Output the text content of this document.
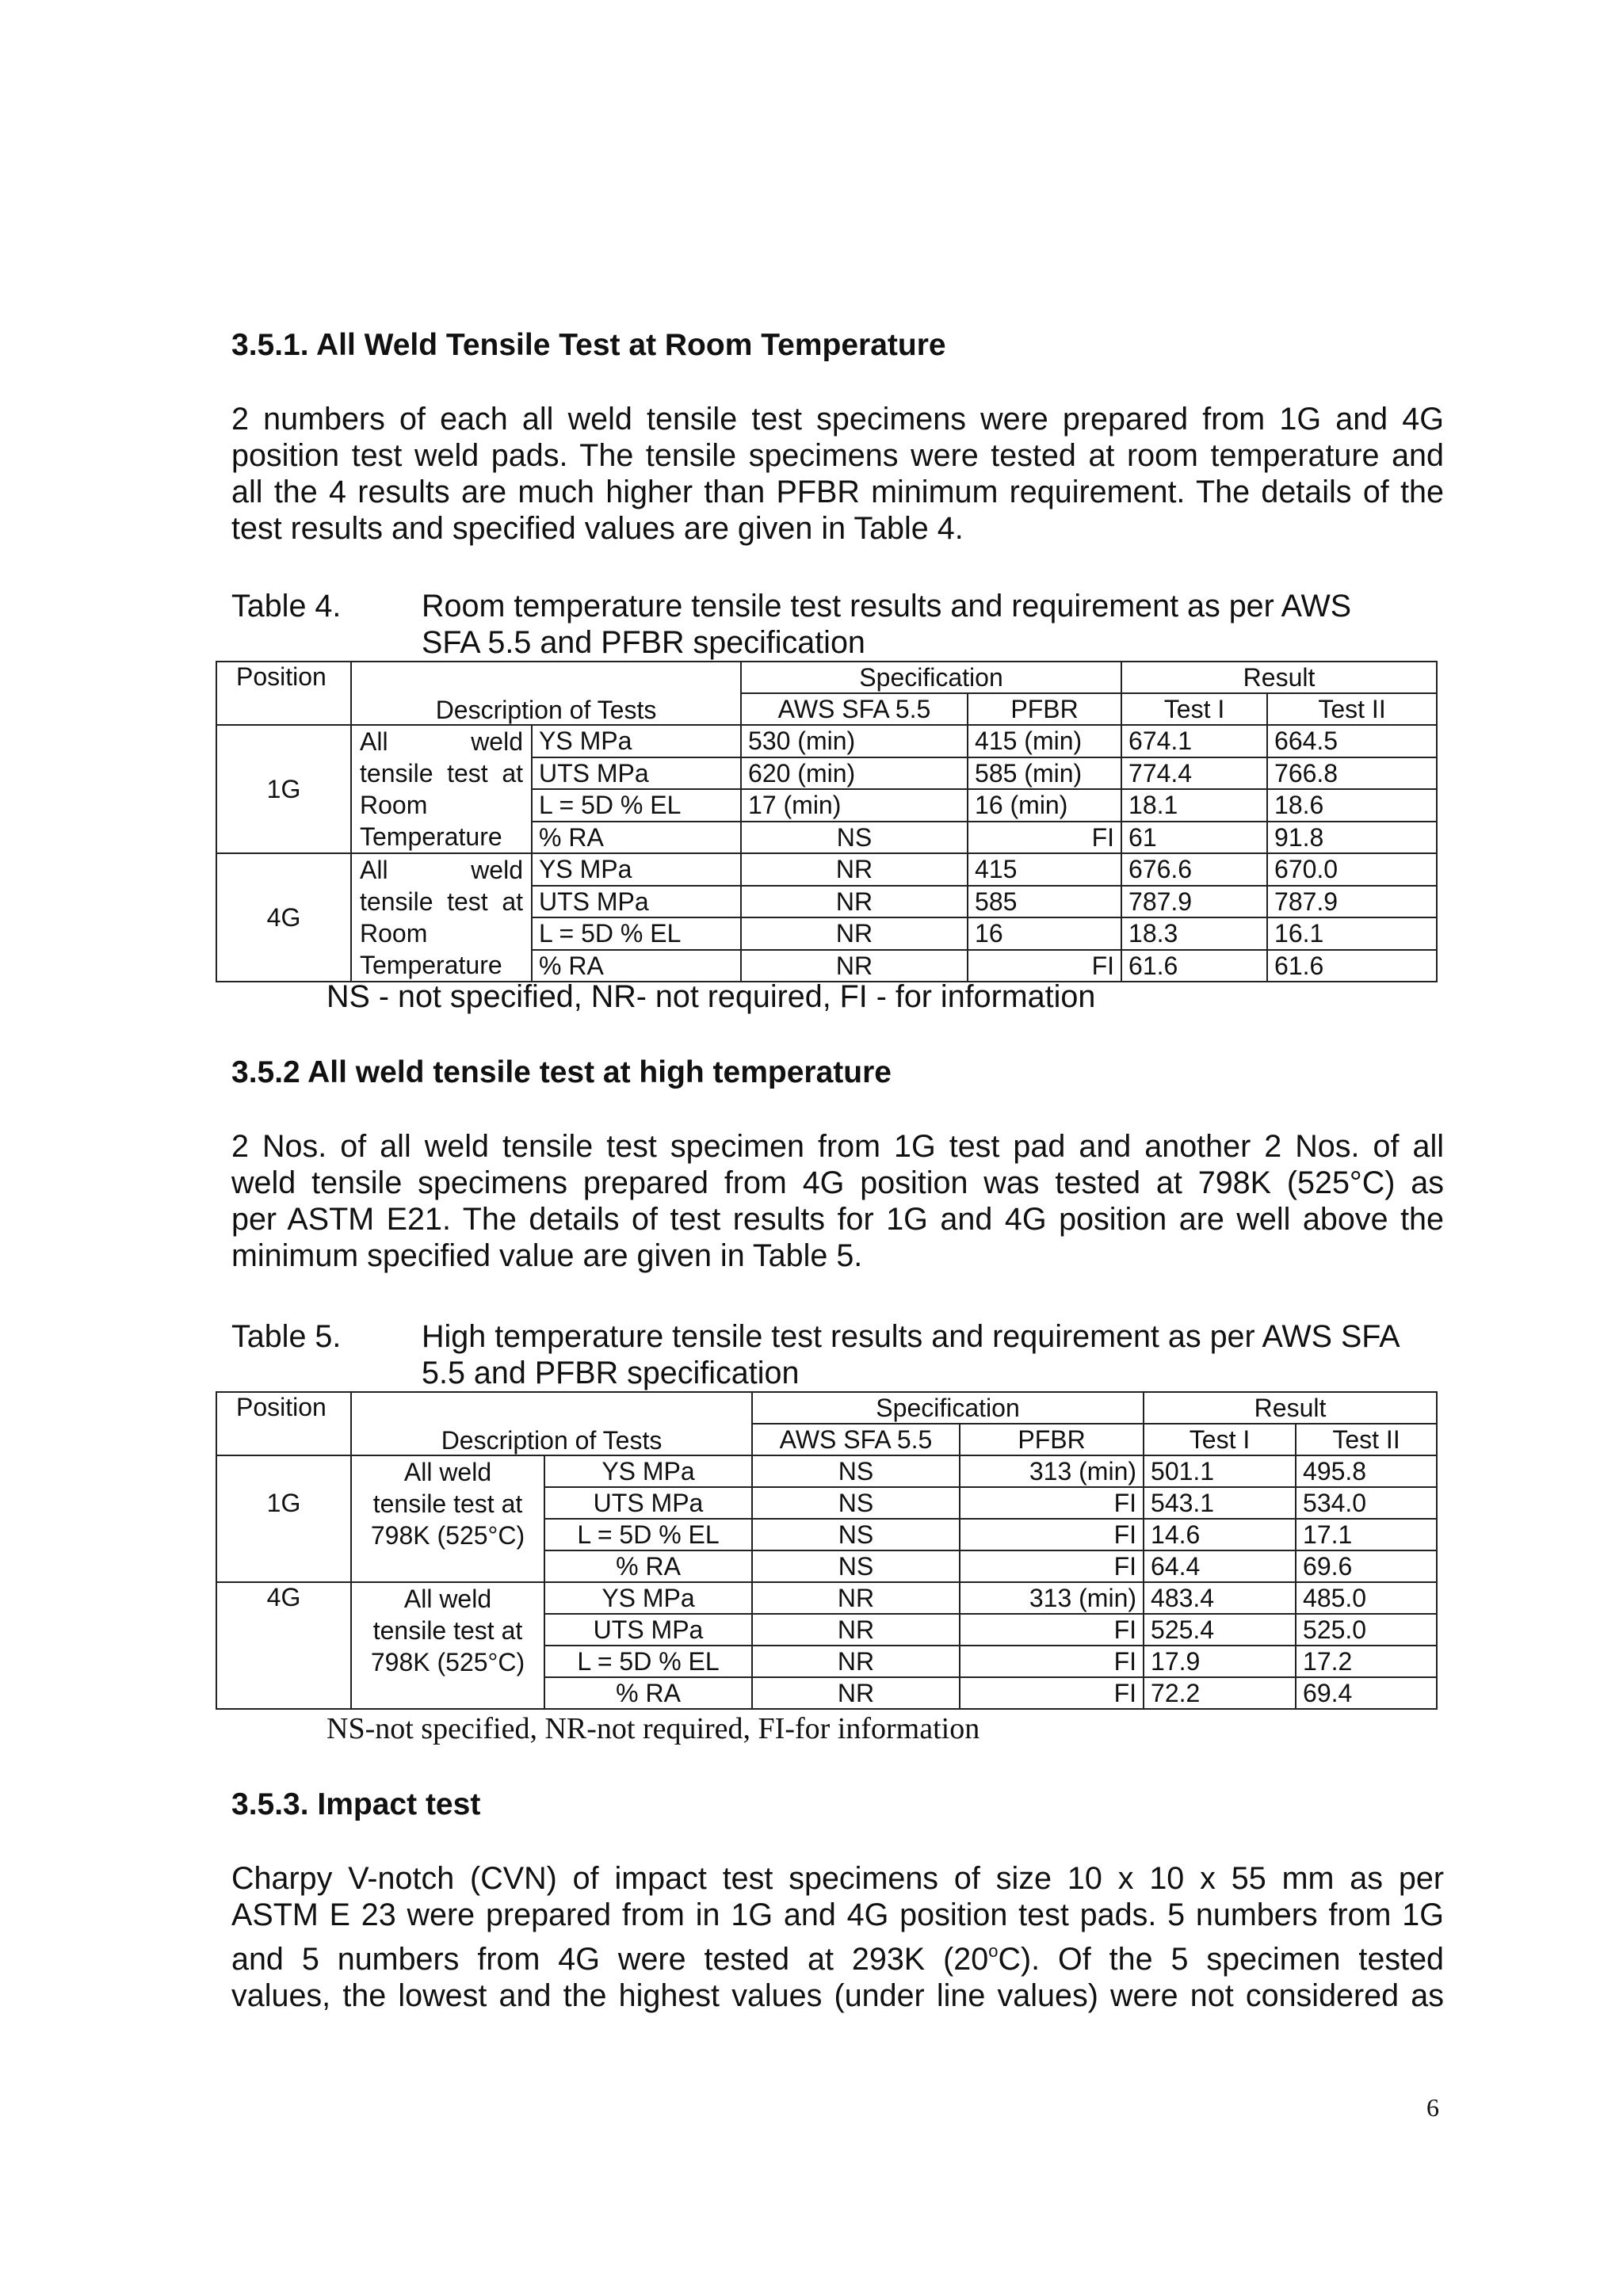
3.5.1. All Weld Tensile Test at Room Temperature
2 numbers of each all weld tensile test specimens were prepared from 1G and 4G
position test weld pads. The tensile specimens were tested at room temperature and
all the 4 results are much higher than PFBR minimum requirement. The details of the
test results and specified values are given in Table 4.
Table 4.	Room temperature tensile test results and requirement as per AWS
SFA 5.5 and PFBR specification
Position	Description of Tests		Specification		Result	
			AWS SFA 5.5	PFBR	Test I	Test II
1G	All weld
tensile test at
Room
Temperature	YS MPa	530 (min)	415 (min)	674.1	664.5
		UTS MPa	620 (min)	585 (min)	774.4	766.8
		L = 5D % EL	17 (min)	16 (min)	18.1	18.6
		% RA	NS	FI	61	91.8
4G	All weld
tensile test at
Room
Temperature	YS MPa	NR	415	676.6	670.0
		UTS MPa	NR	585	787.9	787.9
		L = 5D % EL	NR	16	18.3	16.1
		% RA	NR	FI	61.6	61.6
NS - not specified, NR- not required, FI - for information
3.5.2 All weld tensile test at high temperature
2 Nos. of all weld tensile test specimen from 1G test pad and another 2 Nos. of all
weld tensile specimens prepared from 4G position was tested at 798K (525°C) as
per ASTM E21. The details of test results for 1G and 4G position are well above the
minimum specified value are given in Table 5.
Table 5.	High temperature tensile test results and requirement as per AWS SFA
5.5 and PFBR specification
Position	Description of Tests		Specification		Result	
			AWS SFA 5.5	PFBR	Test I	Test II
1G	All weld
tensile test at
798K (525°C)	YS MPa	NS	313 (min)	501.1	495.8
		UTS MPa	NS	FI	543.1	534.0
		L = 5D % EL	NS	FI	14.6	17.1
		% RA	NS	FI	64.4	69.6
4G	All weld
tensile test at
798K (525°C)	YS MPa	NR	313 (min)	483.4	485.0
		UTS MPa	NR	FI	525.4	525.0
		L = 5D % EL	NR	FI	17.9	17.2
		% RA	NR	FI	72.2	69.4
NS-not specified, NR-not required, FI-for information
3.5.3. Impact test
Charpy V-notch (CVN) of impact test specimens of size 10 x 10 x 55 mm as per
ASTM E 23 were prepared from in 1G and 4G position test pads. 5 numbers from 1G
and 5 numbers from 4G were tested at 293K (20$^o$C). Of the 5 specimen tested
values, the lowest and the highest values (under line values) were not considered as
6
